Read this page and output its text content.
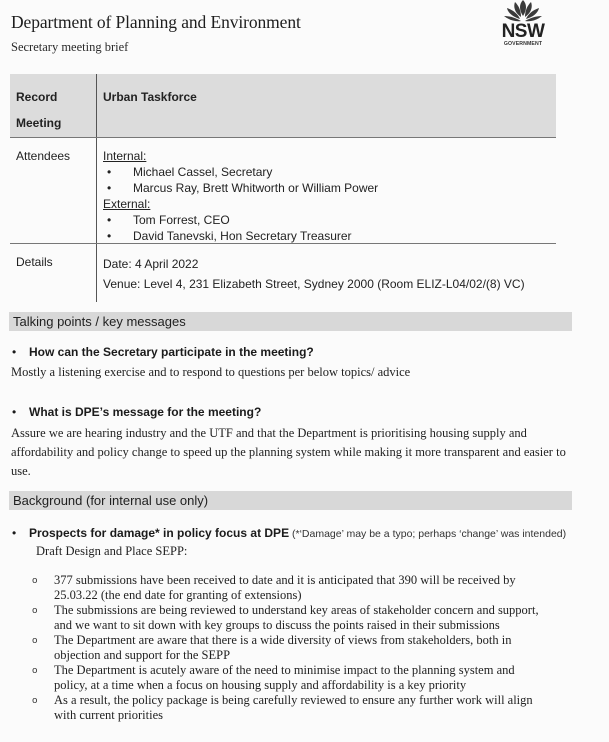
Department of Planning and Environment
Secretary meeting brief
NSW
GOVERNMENT
Record
Meeting
Urban Taskforce
Attendees	Internal:
• Michael Cassel, Secretary
• Marcus Ray, Brett Whitworth or William Power
External:
• Tom Forrest, CEO
• David Tanevski, Hon Secretary Treasurer
Details	Date: 4 April 2022
Venue: Level 4, 231 Elizabeth Street, Sydney 2000 (Room ELIZ-L04/02/(8) VC)
Talking points / key messages
• How can the Secretary participate in the meeting?
Mostly a listening exercise and to respond to questions per below topics/ advice
• What is DPE’s message for the meeting?
Assure we are hearing industry and the UTF and that the Department is prioritising housing supply and affordability and policy change to speed up the planning system while making it more transparent and easier to use.
Background (for internal use only)
• Prospects for damage* in policy focus at DPE (*‘Damage’ may be a typo; perhaps ‘change’ was intended)
Draft Design and Place SEPP:
o 377 submissions have been received to date and it is anticipated that 390 will be received by 25.03.22 (the end date for granting of extensions)
o The submissions are being reviewed to understand key areas of stakeholder concern and support, and we want to sit down with key groups to discuss the points raised in their submissions
o The Department are aware that there is a wide diversity of views from stakeholders, both in objection and support for the SEPP
o The Department is acutely aware of the need to minimise impact to the planning system and policy, at a time when a focus on housing supply and affordability is a key priority
o As a result, the policy package is being carefully reviewed to ensure any further work will align with current priorities
